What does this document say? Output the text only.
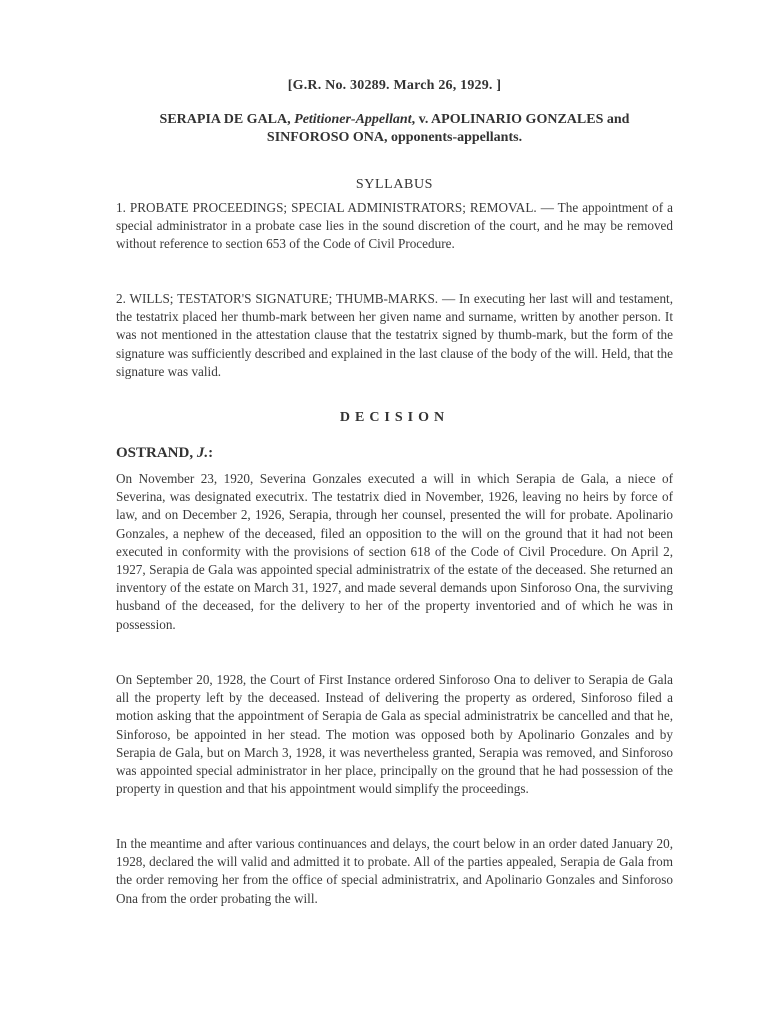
[G.R. No. 30289. March 26, 1929. ]
SERAPIA DE GALA, Petitioner-Appellant, v. APOLINARIO GONZALES and
SINFOROSO ONA, opponents-appellants.
SYLLABUS

1. PROBATE PROCEEDINGS; SPECIAL ADMINISTRATORS; REMOVAL. — The appointment of a special administrator in a probate case lies in the sound discretion of the court, and he may be removed without reference to section 653 of the Code of Civil Procedure.

2. WILLS; TESTATOR'S SIGNATURE; THUMB-MARKS. — In executing her last will and testament, the testatrix placed her thumb-mark between her given name and surname, written by another person. It was not mentioned in the attestation clause that the testatrix signed by thumb-mark, but the form of the signature was sufficiently described and explained in the last clause of the body of the will. Held, that the signature was valid.

DECISION
OSTRAND, J.:

On November 23, 1920, Severina Gonzales executed a will in which Serapia de Gala, a niece of Severina, was designated executrix. The testatrix died in November, 1926, leaving no heirs by force of law, and on December 2, 1926, Serapia, through her counsel, presented the will for probate. Apolinario Gonzales, a nephew of the deceased, filed an opposition to the will on the ground that it had not been executed in conformity with the provisions of section 618 of the Code of Civil Procedure. On April 2, 1927, Serapia de Gala was appointed special administratrix of the estate of the deceased. She returned an inventory of the estate on March 31, 1927, and made several demands upon Sinforoso Ona, the surviving husband of the deceased, for the delivery to her of the property inventoried and of which he was in possession.

On September 20, 1928, the Court of First Instance ordered Sinforoso Ona to deliver to Serapia de Gala all the property left by the deceased. Instead of delivering the property as ordered, Sinforoso filed a motion asking that the appointment of Serapia de Gala as special administratrix be cancelled and that he, Sinforoso, be appointed in her stead. The motion was opposed both by Apolinario Gonzales and by Serapia de Gala, but on March 3, 1928, it was nevertheless granted, Serapia was removed, and Sinforoso was appointed special administrator in her place, principally on the ground that he had possession of the property in question and that his appointment would simplify the proceedings.

In the meantime and after various continuances and delays, the court below in an order dated January 20, 1928, declared the will valid and admitted it to probate. All of the parties appealed, Serapia de Gala from the order removing her from the office of special administratrix, and Apolinario Gonzales and Sinforoso Ona from the order probating the will.
